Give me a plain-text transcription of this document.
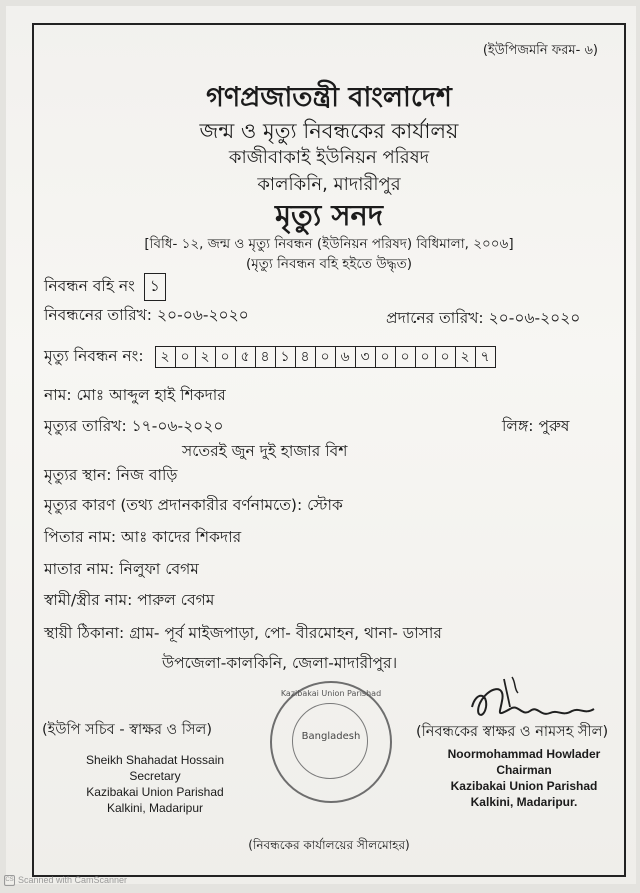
(ইউপিজমনি ফরম- ৬)
গণপ্রজাতন্ত্রী বাংলাদেশ
জন্ম ও মৃত্যু নিবন্ধকের কার্যালয়
কাজীবাকাই ইউনিয়ন পরিষদ
কালকিনি, মাদারীপুর
মৃত্যু সনদ
[বিধি- ১২, জন্ম ও মৃত্যু নিবন্ধন (ইউনিয়ন পরিষদ) বিধিমালা, ২০০৬]
(মৃত্যু নিবন্ধন বহি হইতে উদ্ধৃত)
নিবন্ধন বহি নং ১
নিবন্ধনের তারিখ: ২০-০৬-২০২০	প্রদানের তারিখ: ২০-০৬-২০২০
মৃত্যু নিবন্ধন নং:	২ ০ ২ ০ ৫ ৪ ১ ৪ ০ ৬ ৩ ০ ০ ০ ০ ২ ৭
নাম: মোঃ আব্দুল হাই শিকদার
মৃত্যুর তারিখ: ১৭-০৬-২০২০	লিঙ্গ: পুরুষ
সতেরই জুন দুই হাজার বিশ
মৃত্যুর স্থান: নিজ বাড়ি
মৃত্যুর কারণ (তথ্য প্রদানকারীর বর্ণনামতে): স্টোক
পিতার নাম: আঃ কাদের শিকদার
মাতার নাম: নিলুফা বেগম
স্বামী/স্ত্রীর নাম: পারুল বেগম
স্থায়ী ঠিকানা: গ্রাম- পূর্ব মাইজপাড়া, পো- বীরমোহন, থানা- ডাসার
উপজেলা-কালকিনি, জেলা-মাদারীপুর।
(ইউপি সচিব - স্বাক্ষর ও সিল)	(নিবন্ধকের স্বাক্ষর ও নামসহ সীল)
Sheikh Shahadat Hossain
Secretary
Kazibakai Union Parishad
Kalkini, Madaripur
Noormohammad Howlader
Chairman
Kazibakai Union Parishad
Kalkini, Madaripur.
Kazibakai Union Parishad
Bangladesh
(নিবন্ধকের কার্যালয়ের সীলমোহর)
CS Scanned with CamScanner
